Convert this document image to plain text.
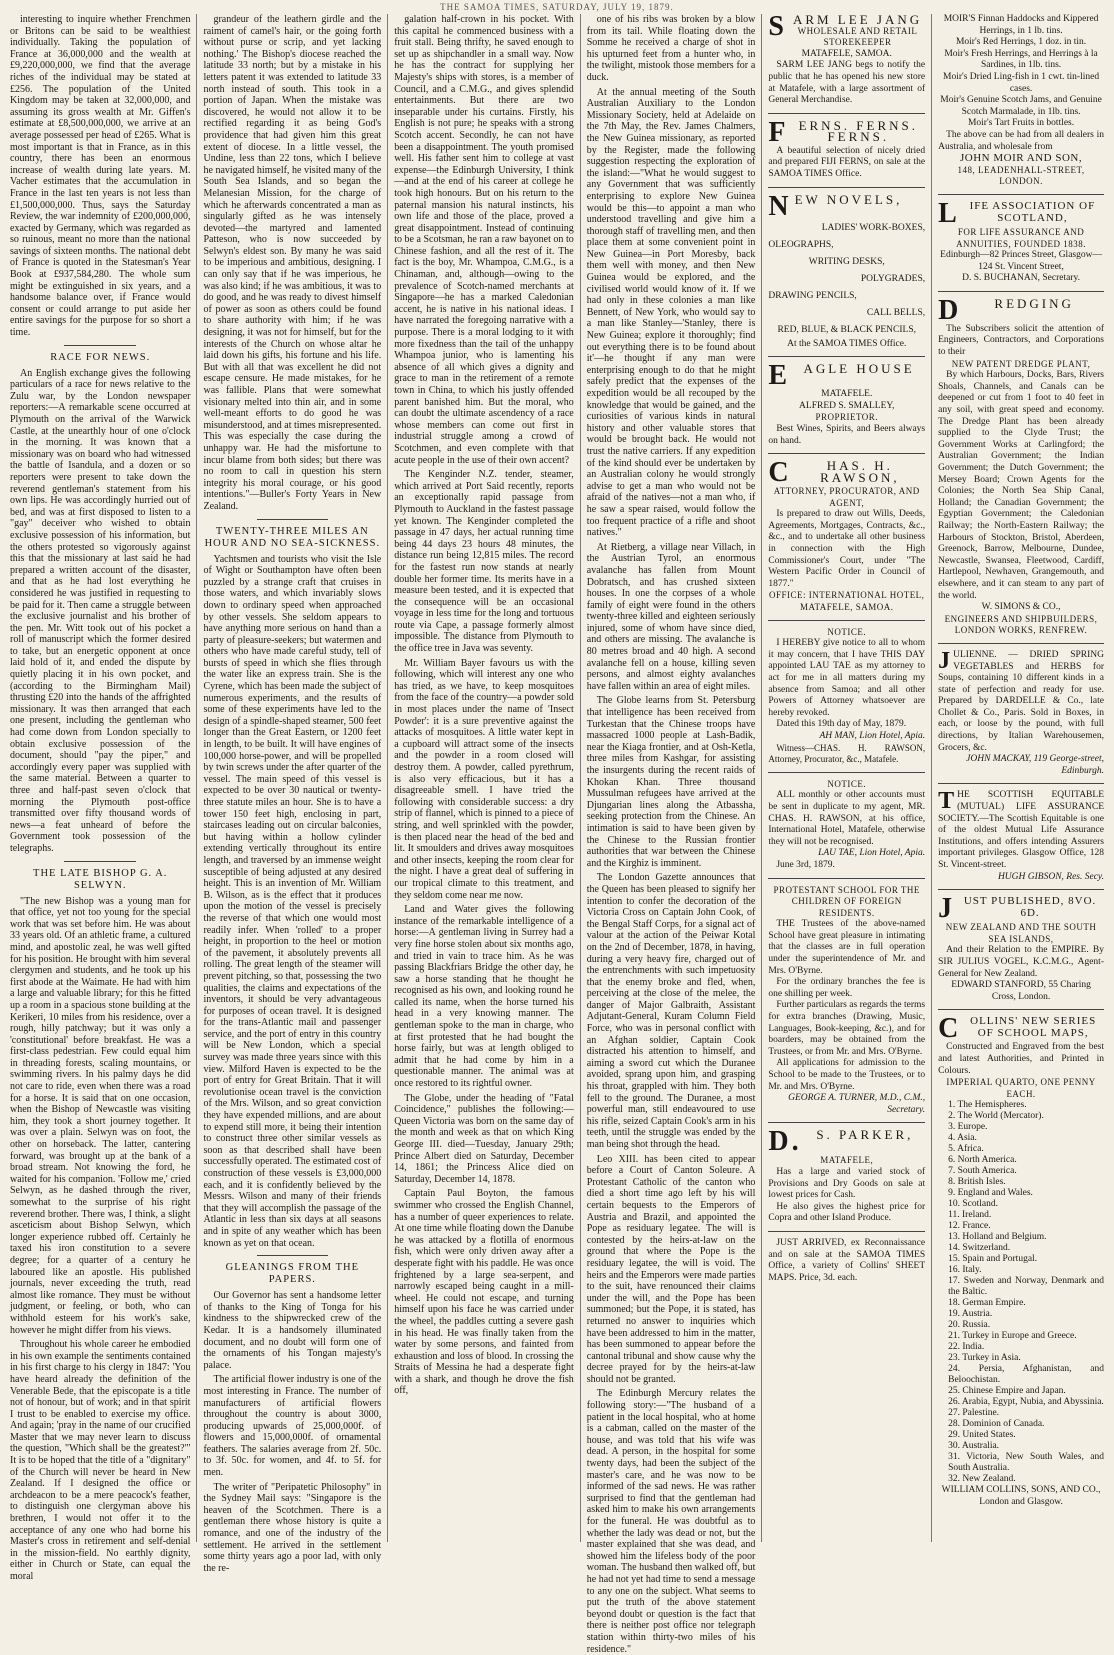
THE SAMOA TIMES, SATURDAY, JULY 19, 1879.

interesting to inquire whether Frenchmen or Britons can be said to be wealthiest individually. Taking the population of France at 36,000,000 and the wealth at £9,220,000,000, we find that the average riches of the individual may be stated at £256. The population of the United Kingdom may be taken at 32,000,000, and assuming its gross wealth at Mr. Giffen's estimate at £8,500,000,000, we arrive at an average possessed per head of £265. What is most important is that in France, as in this country, there has been an enormous increase of wealth during late years. M. Vacher estimates that the accumulation in France in the last ten years is not less than £1,500,000,000. Thus, says the Saturday Review, the war indemnity of £200,000,000, exacted by Germany, which was regarded as so ruinous, meant no more than the national savings of sixteen months. The national debt of France is quoted in the Statesman's Year Book at £937,584,280. The whole sum might be extinguished in six years, and a handsome balance over, if France would consent or could arrange to put aside her entire savings for the purpose for so short a time.

RACE FOR NEWS.

An English exchange gives the following particulars of a race for news relative to the Zulu war, by the London newspaper reporters:—A remarkable scene occurred at Plymouth on the arrival of the Warwick Castle, at the unearthly hour of one o'clock in the morning. It was known that a missionary was on board who had witnessed the battle of Isandula, and a dozen or so reporters were present to take down the reverend gentleman's statement from his own lips. He was accordingly hurried out of bed, and was at first disposed to listen to a "gay" deceiver who wished to obtain exclusive possession of his information, but the others protested so vigorously against this that the missionary at last said he had prepared a written account of the disaster, and that as he had lost everything he considered he was justified in requesting to be paid for it. Then came a struggle between the exclusive journalist and his brother of the pen. Mr. Witt took out of his pocket a roll of manuscript which the former desired to take, but an energetic opponent at once laid hold of it, and ended the dispute by quietly placing it in his own pocket, and (according to the Birmingham Mail) thrusting £20 into the hands of the affrighted missionary. It was then arranged that each one present, including the gentleman who had come down from London specially to obtain exclusive possession of the document, should "pay the piper," and accordingly every paper was supplied with the same material. Between a quarter to three and half-past seven o'clock that morning the Plymouth post-office transmitted over fifty thousand words of news—a feat unheard of before the Government took possession of the telegraphs.

THE LATE BISHOP G. A. SELWYN.

"The new Bishop was a young man for that office, yet not too young for the special work that was set before him. He was about 33 years old. Of an athletic frame, a cultured mind, and apostolic zeal, he was well gifted for his position. He brought with him several clergymen and students, and he took up his first abode at the Waimate. He had with him a large and valuable library; for this he fitted up a room in a spacious stone building at the Kerikeri, 10 miles from his residence, over a rough, hilly patchway; but it was only a 'constitutional' before breakfast. He was a first-class pedestrian. Few could equal him in threading forests, scaling mountains, or swimming rivers. In his palmy days he did not care to ride, even when there was a road for a horse. It is said that on one occasion, when the Bishop of Newcastle was visiting him, they took a short journey together. It was over a plain. Selwyn was on foot, the other on horseback. The latter, cantering forward, was brought up at the bank of a broad stream. Not knowing the ford, he waited for his companion. 'Follow me,' cried Selwyn, as he dashed through the river, somewhat to the surprise of his right reverend brother. There was, I think, a slight asceticism about Bishop Selwyn, which longer experience rubbed off. Certainly he taxed his iron constitution to a severe degree; for a quarter of a century he laboured like an apostle. His published journals, never exceeding the truth, read almost like romance. They must be without judgment, or feeling, or both, who can withhold esteem for his work's sake, however he might differ from his views.

Throughout his whole career he embodied in his own example the sentiments contained in his first charge to his clergy in 1847: 'You have heard already the definition of the Venerable Bede, that the episcopate is a title not of honour, but of work; and in that spirit I trust to be enabled to exercise my office. And again; 'pray in the name of our crucified Master that we may never learn to discuss the question, "Which shall be the greatest?"' It is to be hoped that the title of a "dignitary" of the Church will never be heard in New Zealand. If I designed the office or archdeacon to be a mere peacock's feather, to distinguish one clergyman above his brethren, I would not offer it to the acceptance of any one who had borne his Master's cross in retirement and self-denial in the mission-field. No earthly dignity, either in Church or State, can equal the moral

grandeur of the leathern girdle and the raiment of camel's hair, or the going forth without purse or scrip, and yet lacking nothing.' The Bishop's diocese reached the latitude 33 north; but by a mistake in his letters patent it was extended to latitude 33 north instead of south. This took in a portion of Japan. When the mistake was discovered, he would not allow it to be rectified regarding it as being God's providence that had given him this great extent of diocese. In a little vessel, the Undine, less than 22 tons, which I believe he navigated himself, he visited many of the South Sea Islands, and so began the Melanesian Mission, for the charge of which he afterwards concentrated a man as singularly gifted as he was intensely devoted—the martyred and lamented Patteson, who is now succeeded by Selwyn's eldest son. By many he was said to be imperious and ambitious, designing. I can only say that if he was imperious, he was also kind; if he was ambitious, it was to do good, and he was ready to divest himself of power as soon as others could be found to share authority with him; if he was designing, it was not for himself, but for the interests of the Church on whose altar he laid down his gifts, his fortune and his life. But with all that was excellent he did not escape censure. He made mistakes, for he was fallible. Plans that were somewhat visionary melted into thin air, and in some well-meant efforts to do good he was misunderstood, and at times misrepresented. This was especially the case during the unhappy war. He had the misfortune to incur blame from both sides; but there was no room to call in question his stern integrity his moral courage, or his good intentions."—Buller's Forty Years in New Zealand.

TWENTY-THREE MILES AN HOUR AND NO SEA-SICKNESS.

Yachtsmen and tourists who visit the Isle of Wight or Southampton have often been puzzled by a strange craft that cruises in those waters, and which invariably slows down to ordinary speed when approached by other vessels. She seldom appears to have anything more serious on hand than a party of pleasure-seekers; but watermen and others who have made careful study, tell of bursts of speed in which she flies through the water like an express train. She is the Cyrene, which has been made the subject of numerous experiments, and the results of some of these experiments have led to the design of a spindle-shaped steamer, 500 feet longer than the Great Eastern, or 1200 feet in length, to be built. It will have engines of 100,000 horse-power, and will be propelled by twin screws under the after quarter of the vessel. The main speed of this vessel is expected to be over 30 nautical or twenty-three statute miles an hour. She is to have a tower 150 feet high, enclosing in part, staircases leading out on circular balconies, but having within a hollow cylinder extending vertically throughout its entire length, and traversed by an immense weight susceptible of being adjusted at any desired height. This is an invention of Mr. William B. Wilson, as is the effect that it produces upon the motion of the vessel is precisely the reverse of that which one would most readily infer. When 'rolled' to a proper height, in proportion to the heel or motion of the pavement, it absolutely prevents all rolling. The great length of the steamer will prevent pitching, so that, possessing the two qualities, the claims and expectations of the inventors, it should be very advantageous for purposes of ocean travel. It is designed for the trans-Atlantic mail and passenger service, and the port of entry in this country will be New London, which a special survey was made three years since with this view. Milford Haven is expected to be the port of entry for Great Britain. That it will revolutionise ocean travel is the conviction of the Mrs. Wilson, and so great conviction they have expended millions, and are about to expend still more, it being their intention to construct three other similar vessels as soon as that described shall have been successfully operated. The estimated cost of construction of these vessels is £3,000,000 each, and it is confidently believed by the Messrs. Wilson and many of their friends that they will accomplish the passage of the Atlantic in less than six days at all seasons and in spite of any weather which has been known as yet on that ocean.

GLEANINGS FROM THE PAPERS.

Our Governor has sent a handsome letter of thanks to the King of Tonga for his kindness to the shipwrecked crew of the Kedar. It is a handsomely illuminated document, and no doubt will form one of the ornaments of his Tongan majesty's palace.

The artificial flower industry is one of the most interesting in France. The number of manufacturers of artificial flowers throughout the country is about 3000, producing upwards of 25,000,000f. of flowers and 15,000,000f. of ornamental feathers. The salaries average from 2f. 50c. to 3f. 50c. for women, and 4f. to 5f. for men.

The writer of "Peripatetic Philosophy" in the Sydney Mail says: "Singapore is the heaven of the Scotchmen. There is a gentleman there whose history is quite a romance, and one of the industry of the settlement. He arrived in the settlement some thirty years ago a poor lad, with only the re-

galation half-crown in his pocket. With this capital he commenced business with a fruit stall. Being thrifty, he saved enough to set up as shipchandler in a small way. Now he has the contract for supplying her Majesty's ships with stores, is a member of Council, and a C.M.G., and gives splendid entertainments. But there are two inseparable under his curtains. Firstly, his English is not pure; he speaks with a strong Scotch accent. Secondly, he can not have been a disappointment. The youth promised well. His father sent him to college at vast expense—the Edinburgh University, I think—and at the end of his career at college he took high honours. But on his return to the paternal mansion his natural instincts, his own life and those of the place, proved a great disappointment. Instead of continuing to be a Scotsman, he ran a raw bayonet on to Chinese fashion, and all the rest of it. The fact is the boy, Mr. Whampoa, C.M.G., is a Chinaman, and, although—owing to the prevalence of Scotch-named merchants at Singapore—he has a marked Caledonian accent, he is native in his national ideas. I have narrated the foregoing narrative with a purpose. There is a moral lodging to it with more fixedness than the tail of the unhappy Whampoa junior, who is lamenting his absence of all which gives a dignity and grace to man in the retirement of a remote town in China, to which his justly offended parent banished him. But the moral, who can doubt the ultimate ascendency of a race whose members can come out first in industrial struggle among a crowd of Scotchmen, and even complete with that acute people in the use of their own accent?

The Kenginder N.Z. tender, steamer, which arrived at Port Said recently, reports an exceptionally rapid passage from Plymouth to Auckland in the fastest passage yet known. The Kenginder completed the passage in 47 days, her actual running time being 44 days 23 hours 48 minutes, the distance run being 12,815 miles. The record for the fastest run now stands at nearly double her former time. Its merits have in a measure been tested, and it is expected that the consequence will be an occasional voyage in less time for the long and tortuous route via Cape, a passage formerly almost impossible. The distance from Plymouth to the office tree in Java was seventy.

Mr. William Bayer favours us with the following, which will interest any one who has tried, as we have, to keep mosquitoes from the face of the country—a powder sold in most places under the name of 'Insect Powder': it is a sure preventive against the attacks of mosquitoes. A little water kept in a cupboard will attract some of the insects and the powder in a room closed will destroy them. A powder, called pyrethrum, is also very efficacious, but it has a disagreeable smell. I have tried the following with considerable success: a dry strip of flannel, which is pinned to a piece of string, and well sprinkled with the powder, is then placed near the head of the bed and lit. It smoulders and drives away mosquitoes and other insects, keeping the room clear for the night. I have a great deal of suffering in our tropical climate to this treatment, and they seldom come near me now.

Land and Water gives the following instance of the remarkable intelligence of a horse:—A gentleman living in Surrey had a very fine horse stolen about six months ago, and tried in vain to trace him. As he was passing Blackfriars Bridge the other day, he saw a horse standing that he thought he recognised as his own, and looking round he called its name, when the horse turned his head in a very knowing manner. The gentleman spoke to the man in charge, who at first protested that he had bought the horse fairly, but was at length obliged to admit that he had come by him in a questionable manner. The animal was at once restored to its rightful owner.

The Globe, under the heading of "Fatal Coincidence," publishes the following:—Queen Victoria was born on the same day of the month and week as that on which King George III. died—Tuesday, January 29th; Prince Albert died on Saturday, December 14, 1861; the Princess Alice died on Saturday, December 14, 1878.

Captain Paul Boyton, the famous swimmer who crossed the English Channel, has a number of queer experiences to relate. At one time while floating down the Danube he was attacked by a flotilla of enormous fish, which were only driven away after a desperate fight with his paddle. He was once frightened by a large sea-serpent, and narrowly escaped being caught in a mill-wheel. He could not escape, and turning himself upon his face he was carried under the wheel, the paddles cutting a severe gash in his head. He was finally taken from the water by some persons, and fainted from exhaustion and loss of blood. In crossing the Straits of Messina he had a desperate fight with a shark, and though he drove the fish off,

one of his ribs was broken by a blow from its tail. While floating down the Somme he received a charge of shot in his upturned feet from a hunter who, in the twilight, mistook those members for a duck.

At the annual meeting of the South Australian Auxiliary to the London Missionary Society, held at Adelaide on the 7th May, the Rev. James Chalmers, the New Guinea missionary, as reported by the Register, made the following suggestion respecting the exploration of the island:—"What he would suggest to any Government that was sufficiently enterprising to explore New Guinea would be this—to appoint a man who understood travelling and give him a thorough staff of travelling men, and then place them at some convenient point in New Guinea—in Port Moresby, back them well with money, and then New Guinea would be explored, and the civilised world would know of it. If we had only in these colonies a man like Bennett, of New York, who would say to a man like Stanley—'Stanley, there is New Guinea; explore it thoroughly; find out everything there is to be found about it'—he thought if any man were enterprising enough to do that he might safely predict that the expenses of the expedition would be all recouped by the knowledge that would be gained, and the curiosities of various kinds in natural history and other valuable stores that would be brought back. He would not trust the native carriers. If any expedition of the kind should ever be undertaken by an Australian colony he would strongly advise to get a man who would not be afraid of the natives—not a man who, if he saw a spear raised, would follow the too frequent practice of a rifle and shoot natives."

At Rietberg, a village near Villach, in the Austrian Tyrol, an enormous avalanche has fallen from Mount Dobratsch, and has crushed sixteen houses. In one the corpses of a whole family of eight were found in the others twenty-three killed and eighteen seriously injured, some of whom have since died, and others are missing. The avalanche is 80 metres broad and 40 high. A second avalanche fell on a house, killing seven persons, and almost eighty avalanches have fallen within an area of eight miles.

The Globe learns from St. Petersburg that intelligence has been received from Turkestan that the Chinese troops have massacred 1000 people at Lash-Badik, near the Kiaga frontier, and at Osh-Ketla, three miles from Kashgar, for assisting the insurgents during the recent raids of Khokan Khan. Three thousand Mussulman refugees have arrived at the Djungarian lines along the Atbassha, seeking protection from the Chinese. An intimation is said to have been given by the Chinese to the Russian frontier authorities that war between the Chinese and the Kirghiz is imminent.

The London Gazette announces that the Queen has been pleased to signify her intention to confer the decoration of the Victoria Cross on Captain John Cook, of the Bengal Staff Corps, for a signal act of valour at the action of the Peiwar Kotal on the 2nd of December, 1878, in having, during a very heavy fire, charged out of the entrenchments with such impetuosity that the enemy broke and fled, when, perceiving at the close of the melee, the danger of Major Galbraith, Assistant Adjutant-General, Kuram Column Field Force, who was in personal conflict with an Afghan soldier, Captain Cook distracted his attention to himself, and aiming a sword cut which the Duranee avoided, sprang upon him, and grasping his throat, grappled with him. They both fell to the ground. The Duranee, a most powerful man, still endeavoured to use his rifle, seized Captain Cook's arm in his teeth, until the struggle was ended by the man being shot through the head.

Leo XIII. has been cited to appear before a Court of Canton Soleure. A Protestant Catholic of the canton who died a short time ago left by his will certain bequests to the Emperors of Austria and Brazil, and appointed the Pope as residuary legatee. The will is contested by the heirs-at-law on the ground that where the Pope is the residuary legatee, the will is void. The heirs and the Emperors were made parties to the suit, have renounced their claims under the will, and the Pope has been summoned; but the Pope, it is stated, has returned no answer to inquiries which have been addressed to him in the matter, has been summoned to appear before the cantonal tribunal and show cause why the decree prayed for by the heirs-at-law should not be granted.

The Edinburgh Mercury relates the following story:—"The husband of a patient in the local hospital, who at home is a cabman, called on the master of the house, and was told that his wife was dead. A person, in the hospital for some twenty days, had been the subject of the master's care, and he was now to be informed of the sad news. He was rather surprised to find that the gentleman had asked him to make his own arrangements for the funeral. He was doubtful as to whether the lady was dead or not, but the master explained that she was dead, and showed him the lifeless body of the poor woman. The husband then walked off, but he had not yet had time to send a message to any one on the subject. What seems to put the truth of the above statement beyond doubt or question is the fact that there is neither post office nor telegraph station within thirty-two miles of his residence."

SARM LEE JANG
WHOLESALE AND RETAIL STOREKEEPER
MATAFELE, SAMOA.
SARM LEE JANG begs to notify the public that he has opened his new store at Matafele, with a large assortment of General Merchandise.
FERNS. FERNS. FERNS.
A beautiful selection of nicely dried and prepared FIJI FERNS, on sale at the SAMOA TIMES Office.
NEW NOVELS,
LADIES' WORK-BOXES,
OLEOGRAPHS,
WRITING DESKS,
POLYGRADES,
DRAWING PENCILS,
CALL BELLS,
RED, BLUE, & BLACK PENCILS,
At the SAMOA TIMES Office.
E AGLE HOUSE
MATAFELE.
ALFRED S. SMALLEY,
PROPRIETOR.
Best Wines, Spirits, and Beers always on hand.
C	HAS. H. RAWSON,
ATTORNEY, PROCURATOR, AND AGENT,
Is prepared to draw out Wills, Deeds, Agreements, Mortgages, Contracts, &c., &c., and to undertake all other business in connection with the High Commissioner's Court, under "The Western Pacific Order in Council of 1877."
OFFICE: INTERNATIONAL HOTEL, MATAFELE, SAMOA.
NOTICE.
I HEREBY give notice to all to whom it may concern, that I have THIS DAY appointed LAU TAE as my attorney to act for me in all matters during my absence from Samoa; and all other Powers of Attorney whatsoever are hereby revoked.
Dated this 19th day of May, 1879.
AH MAN, Lion Hotel, Apia.
Witness—CHAS. H. RAWSON, Attorney, Procurator, &c., Matafele.
NOTICE.
ALL monthly or other accounts must be sent in duplicate to my agent, MR. CHAS. H. RAWSON, at his office, International Hotel, Matafele, otherwise they will not be recognised.
LAU TAE, Lion Hotel, Apia.
June 3rd, 1879.
PROTESTANT SCHOOL FOR THE CHILDREN OF FOREIGN RESIDENTS.
THE Trustees of the above-named School have great pleasure in intimating that the classes are in full operation under the superintendence of Mr. and Mrs. O'Byrne.
For the ordinary branches the fee is one shilling per week.
Further particulars as regards the terms for extra branches (Drawing, Music, Languages, Book-keeping, &c.), and for boarders, may be obtained from the Trustees, or from Mr. and Mrs. O'Byrne.
All applications for admission to the School to be made to the Trustees, or to Mr. and Mrs. O'Byrne.
GEORGE A. TURNER, M.D., C.M., Secretary.
D. S. PARKER,
MATAFELE,
Has a large and varied stock of Provisions and Dry Goods on sale at lowest prices for Cash.
He also gives the highest price for Copra and other Island Produce.
JUST ARRIVED, ex Reconnaissance and on sale at the SAMOA TIMES Office, a variety of Collins' SHEET MAPS. Price, 3d. each.
MOIR'S Finnan Haddocks and Kippered Herrings, in 1 lb. tins.
Moir's Red Herrings, 1 doz. in tin.
Moir's Fresh Herrings, and Herrings à la Sardines, in 1lb. tins.
Moir's Dried Ling-fish in 1 cwt. tin-lined cases.
Moir's Genuine Scotch Jams, and Genuine Scotch Marmalade, in 1lb. tins.
Moir's Tart Fruits in bottles.
The above can be had from all dealers in Australia, and wholesale from
JOHN MOIR AND SON,
148, LEADENHALL-STREET, LONDON.
L IFE ASSOCIATION OF SCOTLAND,
FOR LIFE ASSURANCE AND ANNUITIES, FOUNDED 1838.
Edinburgh—82 Princes Street, Glasgow—124 St. Vincent Street,
D. S. BUCHANAN, Secretary.
D	REDGING
The Subscribers solicit the attention of Engineers, Contractors, and Corporations to their
NEW PATENT DREDGE PLANT,
By which Harbours, Docks, Bars, Rivers Shoals, Channels, and Canals can be deepened or cut from 1 foot to 40 feet in any soil, with great speed and economy. The Dredge Plant has been already supplied to the Clyde Trust; the Government Works at Carlingford; the Australian Government; the Indian Government; the Dutch Government; the Mersey Board; Crown Agents for the Colonies; the North Sea Ship Canal, Holland; the Canadian Government; the Egyptian Government; the Caledonian Railway; the North-Eastern Railway; the Harbours of Stockton, Bristol, Aberdeen, Greenock, Barrow, Melbourne, Dundee, Newcastle, Swansea, Fleetwood, Cardiff, Hartlepool, Newhaven, Grangemouth, and elsewhere, and it can steam to any part of the world.
W. SIMONS & CO.,
ENGINEERS AND SHIPBUILDERS,
LONDON WORKS, RENFREW.
JULIENNE. — DRIED SPRING VEGETABLES and HERBS for Soups, containing 10 different kinds in a state of perfection and ready for use. Prepared by DARDELLE & Co., late Chollet & Co., Paris. Sold in Boxes, in each, or loose by the pound, with full directions, by Italian Warehousemen, Grocers, &c.
JOHN MACKAY, 119 George-street, Edinburgh.
THE SCOTTISH EQUITABLE (MUTUAL) LIFE ASSURANCE SOCIETY.—The Scottish Equitable is one of the oldest Mutual Life Assurance Institutions, and offers intending Assurers important privileges. Glasgow Office, 128 St. Vincent-street.
HUGH GIBSON, Res. Secy.
JUST PUBLISHED, 8VO. 6D.
NEW ZEALAND AND THE SOUTH SEA ISLANDS,
And their Relation to the EMPIRE. By SIR JULIUS VOGEL, K.C.M.G., Agent-General for New Zealand.
EDWARD STANFORD, 55 Charing Cross, London.
COLLINS' NEW SERIES OF SCHOOL MAPS,
Constructed and Engraved from the best and latest Authorities, and Printed in Colours.
IMPERIAL QUARTO, ONE PENNY EACH.
1. The Hemispheres.
2. The World (Mercator).
3. Europe.
4. Asia.
5. Africa.
6. North America.
7. South America.
8. British Isles.
9. England and Wales.
10. Scotland.
11. Ireland.
12. France.
13. Holland and Belgium.
14. Switzerland.
15. Spain and Portugal.
16. Italy.
17. Sweden and Norway, Denmark and the Baltic.
18. German Empire.
19. Austria.
20. Russia.
21. Turkey in Europe and Greece.
22. India.
23. Turkey in Asia.
24. Persia, Afghanistan, and Beloochistan.
25. Chinese Empire and Japan.
26. Arabia, Egypt, Nubia, and Abyssinia.
27. Palestine.
28. Dominion of Canada.
29. United States.
30. Australia.
31. Victoria, New South Wales, and South Australia.
32. New Zealand.
WILLIAM COLLINS, SONS, AND CO., London and Glasgow.
